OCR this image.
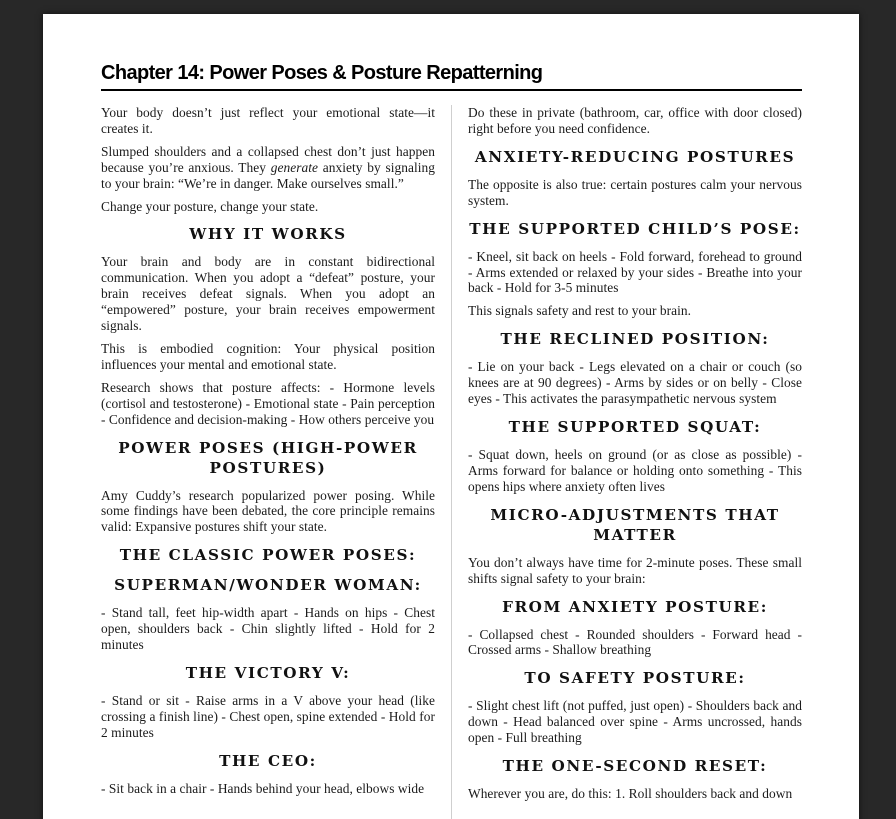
Chapter 14: Power Poses & Posture Repatterning

Your body doesn’t just reflect your emotional state—it creates it.

Slumped shoulders and a collapsed chest don’t just happen because you’re anxious. They generate anxiety by signaling to your brain: “We’re in danger. Make ourselves small.”

Change your posture, change your state.

WHY IT WORKS

Your brain and body are in constant bidirectional communication. When you adopt a “defeat” posture, your brain receives defeat signals. When you adopt an “empowered” posture, your brain receives empowerment signals.

This is embodied cognition: Your physical position influences your mental and emotional state.

Research shows that posture affects: - Hormone levels (cortisol and testosterone) - Emotional state - Pain perception - Confidence and decision-making - How others perceive you

POWER POSES (HIGH-POWER POSTURES)

Amy Cuddy’s research popularized power posing. While some findings have been debated, the core principle remains valid: Expansive postures shift your state.

THE CLASSIC POWER POSES:
SUPERMAN/WONDER WOMAN:

- Stand tall, feet hip-width apart - Hands on hips - Chest open, shoulders back - Chin slightly lifted - Hold for 2 minutes

THE VICTORY V:

- Stand or sit - Raise arms in a V above your head (like crossing a finish line) - Chest open, spine extended - Hold for 2 minutes

THE CEO:

- Sit back in a chair - Hands behind your head, elbows wide

Do these in private (bathroom, car, office with door closed) right before you need confidence.

ANXIETY-REDUCING POSTURES

The opposite is also true: certain postures calm your nervous system.

THE SUPPORTED CHILD’S POSE:

- Kneel, sit back on heels - Fold forward, forehead to ground - Arms extended or relaxed by your sides - Breathe into your back - Hold for 3-5 minutes

This signals safety and rest to your brain.

THE RECLINED POSITION:

- Lie on your back - Legs elevated on a chair or couch (so knees are at 90 degrees) - Arms by sides or on belly - Close eyes - This activates the parasympathetic nervous system

THE SUPPORTED SQUAT:

- Squat down, heels on ground (or as close as possible) - Arms forward for balance or holding onto something - This opens hips where anxiety often lives

MICRO-ADJUSTMENTS THAT MATTER

You don’t always have time for 2-minute poses. These small shifts signal safety to your brain:

FROM ANXIETY POSTURE:

- Collapsed chest - Rounded shoulders - Forward head - Crossed arms - Shallow breathing

TO SAFETY POSTURE:

- Slight chest lift (not puffed, just open) - Shoulders back and down - Head balanced over spine - Arms uncrossed, hands open - Full breathing

THE ONE-SECOND RESET:

Wherever you are, do this: 1. Roll shoulders back and down
